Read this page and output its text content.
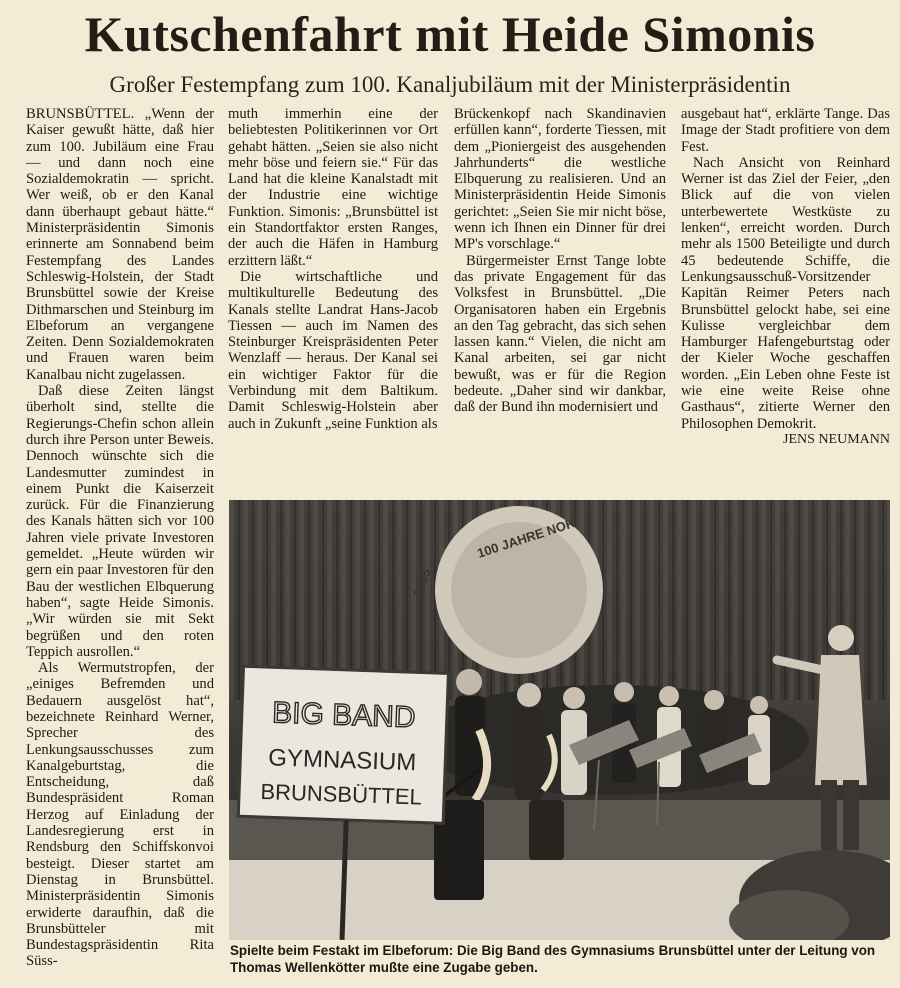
Kutschenfahrt mit Heide Simonis
Großer Festempfang zum 100. Kanaljubiläum mit der Ministerpräsidentin

BRUNSBÜTTEL. „Wenn der Kaiser gewußt hätte, daß hier zum 100. Jubiläum eine Frau — und dann noch eine Sozialdemokratin — spricht. Wer weiß, ob er den Kanal dann überhaupt gebaut hätte.“ Ministerpräsidentin Simonis erinnerte am Sonnabend beim Festempfang des Landes Schleswig-Holstein, der Stadt Brunsbüttel sowie der Kreise Dithmarschen und Steinburg im Elbeforum an vergangene Zeiten. Denn Sozialdemokraten und Frauen waren beim Kanalbau nicht zugelassen.

Daß diese Zeiten längst überholt sind, stellte die Regierungs-Chefin schon allein durch ihre Person unter Beweis. Dennoch wünschte sich die Landesmutter zumindest in einem Punkt die Kaiserzeit zurück. Für die Finanzierung des Kanals hätten sich vor 100 Jahren viele private Investoren gemeldet. „Heute würden wir gern ein paar Investoren für den Bau der westlichen Elbquerung haben“, sagte Heide Simonis. „Wir würden sie mit Sekt begrüßen und den roten Teppich ausrollen.“

Als Wermutstropfen, der „einiges Befremden und Bedauern ausgelöst hat“, bezeichnete Reinhard Werner, Sprecher des Lenkungsausschusses zum Kanalgeburtstag, die Entscheidung, daß Bundespräsident Roman Herzog auf Einladung der Landesregierung erst in Rendsburg den Schiffskonvoi besteigt. Dieser startet am Dienstag in Brunsbüttel. Ministerpräsidentin Simonis erwiderte daraufhin, daß die Brunsbütteler mit Bundestagspräsidentin Rita Süss-

muth immerhin eine der beliebtesten Politikerinnen vor Ort gehabt hätten. „Seien sie also nicht mehr böse und feiern sie.“ Für das Land hat die kleine Kanalstadt mit der Industrie eine wichtige Funktion. Simonis: „Brunsbüttel ist ein Standortfaktor ersten Ranges, der auch die Häfen in Hamburg erzittern läßt.“

Die wirtschaftliche und multikulturelle Bedeutung des Kanals stellte Landrat Hans-Jacob Tiessen — auch im Namen des Steinburger Kreispräsidenten Peter Wenzlaff — heraus. Der Kanal sei ein wichtiger Faktor für die Verbindung mit dem Baltikum. Damit Schleswig-Holstein aber auch in Zukunft „seine Funktion als

Brückenkopf nach Skandinavien erfüllen kann“, forderte Tiessen, mit dem „Pioniergeist des ausgehenden Jahrhunderts“ die westliche Elbquerung zu realisieren. Und an Ministerpräsidentin Heide Simonis gerichtet: „Seien Sie mir nicht böse, wenn ich Ihnen ein Dinner für drei MP's vorschlage.“

Bürgermeister Ernst Tange lobte das private Engagement für das Volksfest in Brunsbüttel. „Die Organisatoren haben ein Ergebnis an den Tag gebracht, das sich sehen lassen kann.“ Vielen, die nicht am Kanal arbeiten, sei gar nicht bewußt, was er für die Region bedeute. „Daher sind wir dankbar, daß der Bund ihn modernisiert und

ausgebaut hat“, erklärte Tange. Das Image der Stadt profitiere von dem Fest.

Nach Ansicht von Reinhard Werner ist das Ziel der Feier, „den Blick auf die von vielen unterbewertete Westküste zu lenken“, erreicht worden. Durch mehr als 1500 Beteiligte und durch 45 bedeutende Schiffe, die Lenkungsausschuß-Vorsitzender Kapitän Reimer Peters nach Brunsbüttel gelockt habe, sei eine Kulisse vergleichbar dem Hamburger Hafengeburtstag oder der Kieler Woche geschaffen worden. „Ein Leben ohne Feste ist wie eine weite Reise ohne Gasthaus“, zitierte Werner den Philosophen Demokrit.

JENS NEUMANN

100 JAHRE NOK
1895
BIG BAND
GYMNASIUM
BRUNSBÜTTEL
Spielte beim Festakt im Elbeforum: Die Big Band des Gymnasiums Brunsbüttel unter der Leitung von Thomas Wellenkötter mußte eine Zugabe geben.
